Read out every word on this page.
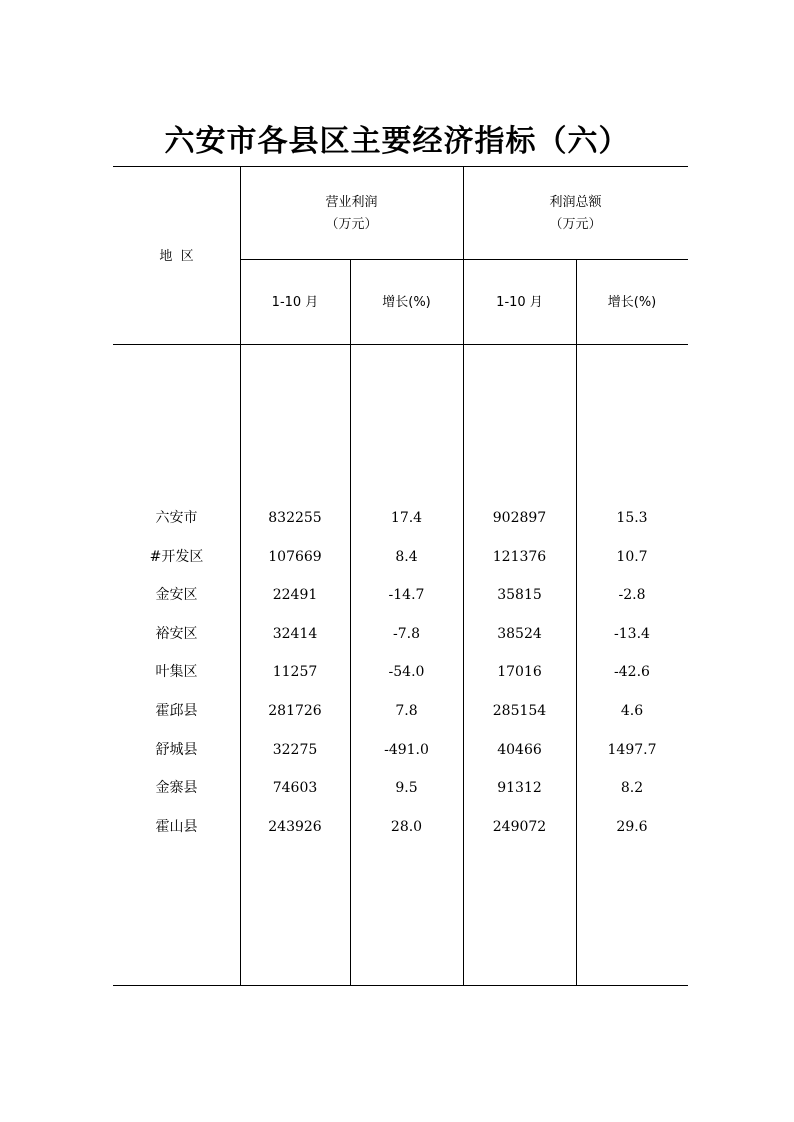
六安市各县区主要经济指标（六）
地  区
营业利润
（万元）
利润总额
（万元）
1-10 月	增长(%)	1-10 月	增长(%)
六安市	832255	17.4	902897	15.3
#开发区	107669	8.4	121376	10.7
金安区	22491	-14.7	35815	-2.8
裕安区	32414	-7.8	38524	-13.4
叶集区	11257	-54.0	17016	-42.6
霍邱县	281726	7.8	285154	4.6
舒城县	32275	-491.0	40466	1497.7
金寨县	74603	9.5	91312	8.2
霍山县	243926	28.0	249072	29.6
